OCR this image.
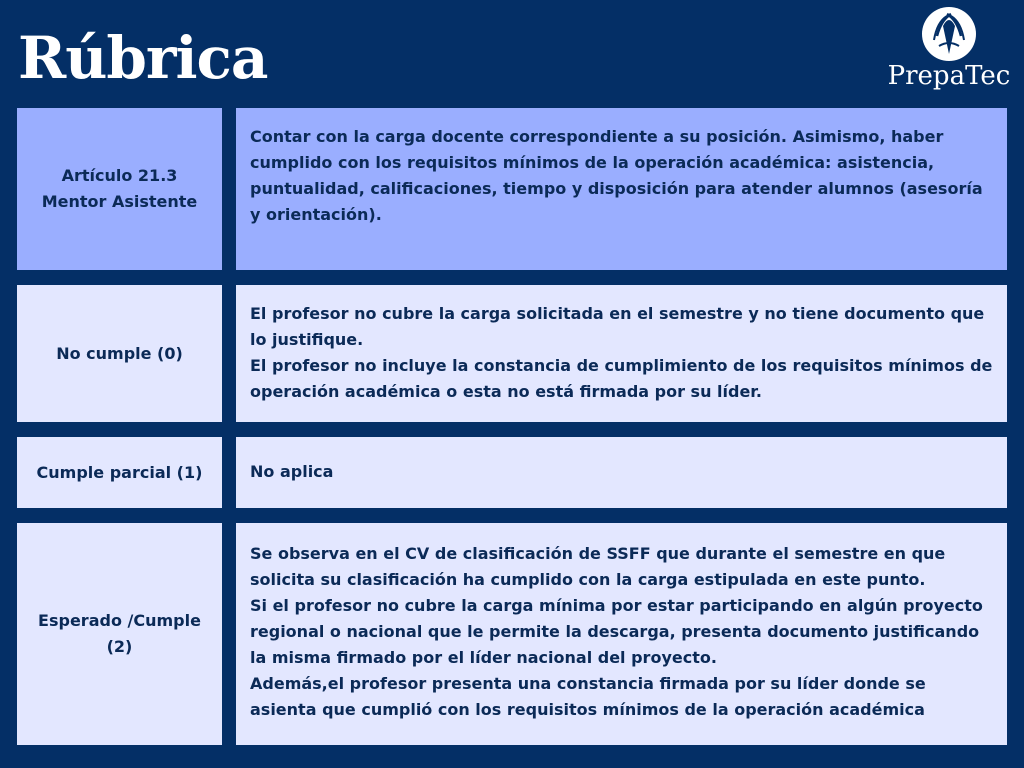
Rúbrica	PrepaTec
Artículo 21.3 Mentor Asistente

Contar con la carga docente correspondiente a su posición. Asimismo, haber cumplido con los requisitos mínimos de la operación académica: asistencia, puntualidad, calificaciones, tiempo y disposición para atender alumnos (asesoría y orientación).

No cumple (0)

El profesor no cubre la carga solicitada en el semestre y no tiene documento que lo justifique.

El profesor no incluye la constancia de cumplimiento de los requisitos mínimos de operación académica o esta no está firmada por su líder.

Cumple parcial (1)	No aplica

Esperado /Cumple (2)

Se observa en el CV de clasificación de SSFF que durante el semestre en que solicita su clasificación ha cumplido con la carga estipulada en este punto.

Si el profesor no cubre la carga mínima por estar participando en algún proyecto regional o nacional que le permite la descarga, presenta documento justificando la misma firmado por el líder nacional del proyecto.

Además,el profesor presenta una constancia firmada por su líder donde se asienta que cumplió con los requisitos mínimos de la operación académica
